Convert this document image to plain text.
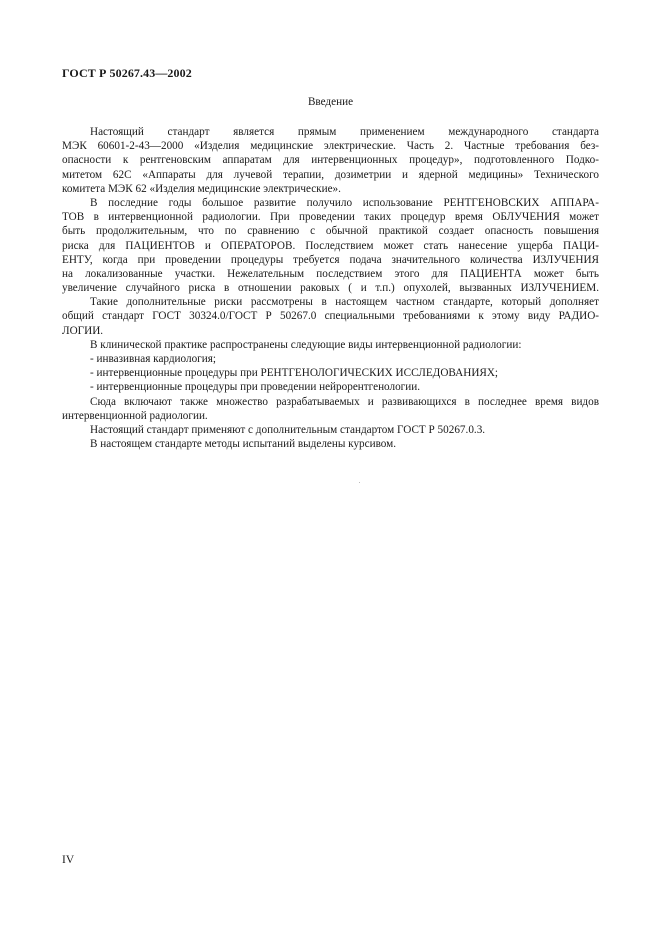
ГОСТ Р 50267.43—2002
Введение
Настоящий стандарт является прямым применением международного стандарта
МЭК 60601-2-43—2000 «Изделия медицинские электрические. Часть 2. Частные требования без-
опасности к рентгеновским аппаратам для интервенционных процедур», подготовленного Подко-
митетом 62С «Аппараты для лучевой терапии, дозиметрии и ядерной медицины» Технического
комитета МЭК 62 «Изделия медицинские электрические».
В последние годы большое развитие получило использование РЕНТГЕНОВСКИХ АППАРА-
ТОВ в интервенционной радиологии. При проведении таких процедур время ОБЛУЧЕНИЯ может
быть продолжительным, что по сравнению с обычной практикой создает опасность повышения
риска для ПАЦИЕНТОВ и ОПЕРАТОРОВ. Последствием может стать нанесение ущерба ПАЦИ-
ЕНТУ, когда при проведении процедуры требуется подача значительного количества ИЗЛУЧЕНИЯ
на локализованные участки. Нежелательным последствием этого для ПАЦИЕНТА может быть
увеличение случайного риска в отношении раковых ( и т.п.) опухолей, вызванных ИЗЛУЧЕНИЕМ.
Такие дополнительные риски рассмотрены в настоящем частном стандарте, который дополняет
общий стандарт ГОСТ 30324.0/ГОСТ Р 50267.0 специальными требованиями к этому виду РАДИО-
ЛОГИИ.
В клинической практике распространены следующие виды интервенционной радиологии:
- инвазивная кардиология;
- интервенционные процедуры при РЕНТГЕНОЛОГИЧЕСКИХ ИССЛЕДОВАНИЯХ;
- интервенционные процедуры при проведении нейрорентгенологии.
Сюда включают также множество разрабатываемых и развивающихся в последнее время видов
интервенционной радиологии.
Настоящий стандарт применяют с дополнительным стандартом ГОСТ Р 50267.0.3.
В настоящем стандарте методы испытаний выделены курсивом.
IV
